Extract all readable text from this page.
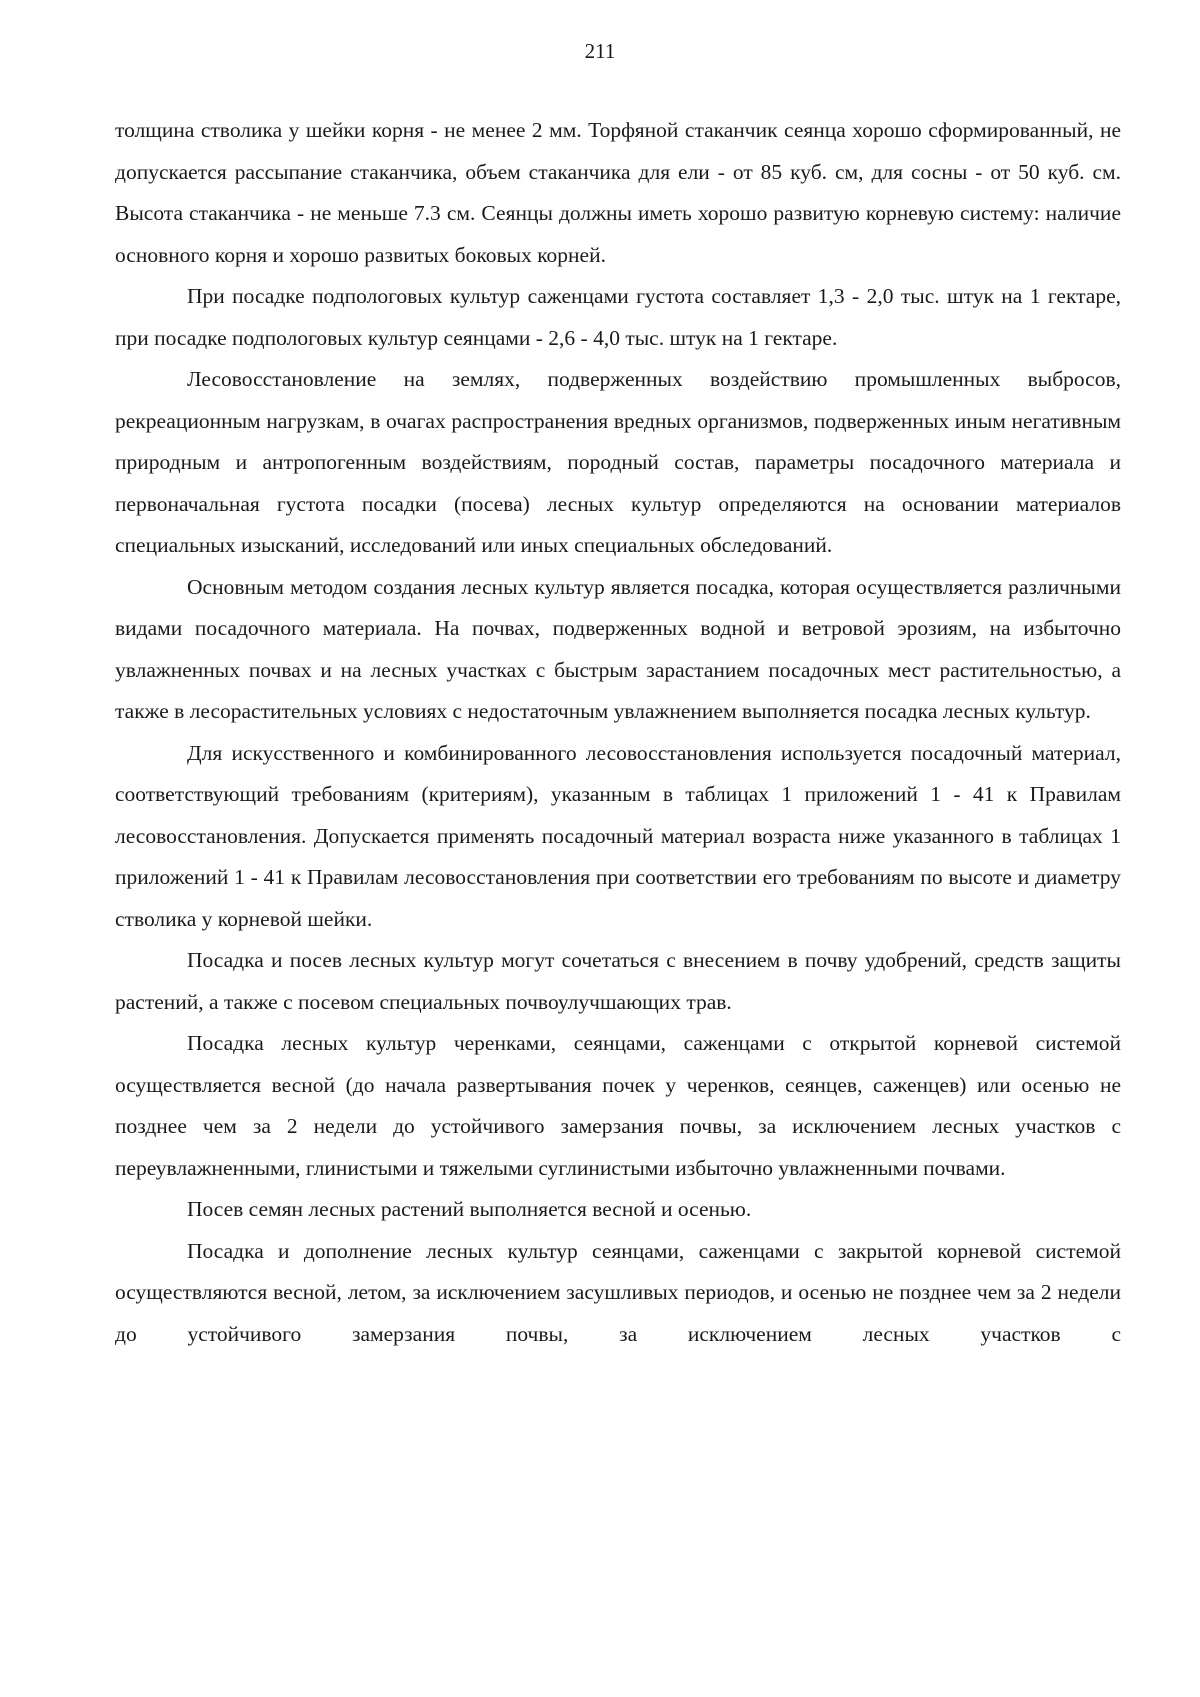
211

толщина стволика у шейки корня - не менее 2 мм. Торфяной стаканчик сеянца хорошо сформированный, не допускается рассыпание стаканчика, объем стаканчика для ели - от 85 куб. см, для сосны - от 50 куб. см. Высота стаканчика - не меньше 7.3 см. Сеянцы должны иметь хорошо развитую корневую систему: наличие основного корня и хорошо развитых боковых корней.

При посадке подпологовых культур саженцами густота составляет 1,3 - 2,0 тыс. штук на 1 гектаре, при посадке подпологовых культур сеянцами - 2,6 - 4,0 тыс. штук на 1 гектаре.

Лесовосстановление на землях, подверженных воздействию промышленных выбросов, рекреационным нагрузкам, в очагах распространения вредных организмов, подверженных иным негативным природным и антропогенным воздействиям, породный состав, параметры посадочного материала и первоначальная густота посадки (посева) лесных культур определяются на основании материалов специальных изысканий, исследований или иных специальных обследований.

Основным методом создания лесных культур является посадка, которая осуществляется различными видами посадочного материала. На почвах, подверженных водной и ветровой эрозиям, на избыточно увлажненных почвах и на лесных участках с быстрым зарастанием посадочных мест растительностью, а также в лесорастительных условиях с недостаточным увлажнением выполняется посадка лесных культур.

Для искусственного и комбинированного лесовосстановления используется посадочный материал, соответствующий требованиям (критериям), указанным в таблицах 1 приложений 1 - 41 к Правилам лесовосстановления. Допускается применять посадочный материал возраста ниже указанного в таблицах 1 приложений 1 - 41 к Правилам лесовосстановления при соответствии его требованиям по высоте и диаметру стволика у корневой шейки.

Посадка и посев лесных культур могут сочетаться с внесением в почву удобрений, средств защиты растений, а также с посевом специальных почвоулучшающих трав.

Посадка лесных культур черенками, сеянцами, саженцами с открытой корневой системой осуществляется весной (до начала развертывания почек у черенков, сеянцев, саженцев) или осенью не позднее чем за 2 недели до устойчивого замерзания почвы, за исключением лесных участков с переувлажненными, глинистыми и тяжелыми суглинистыми избыточно увлажненными почвами.

Посев семян лесных растений выполняется весной и осенью.

Посадка и дополнение лесных культур сеянцами, саженцами с закрытой корневой системой осуществляются весной, летом, за исключением засушливых периодов, и осенью не позднее чем за 2 недели до устойчивого замерзания почвы, за исключением лесных участков с
